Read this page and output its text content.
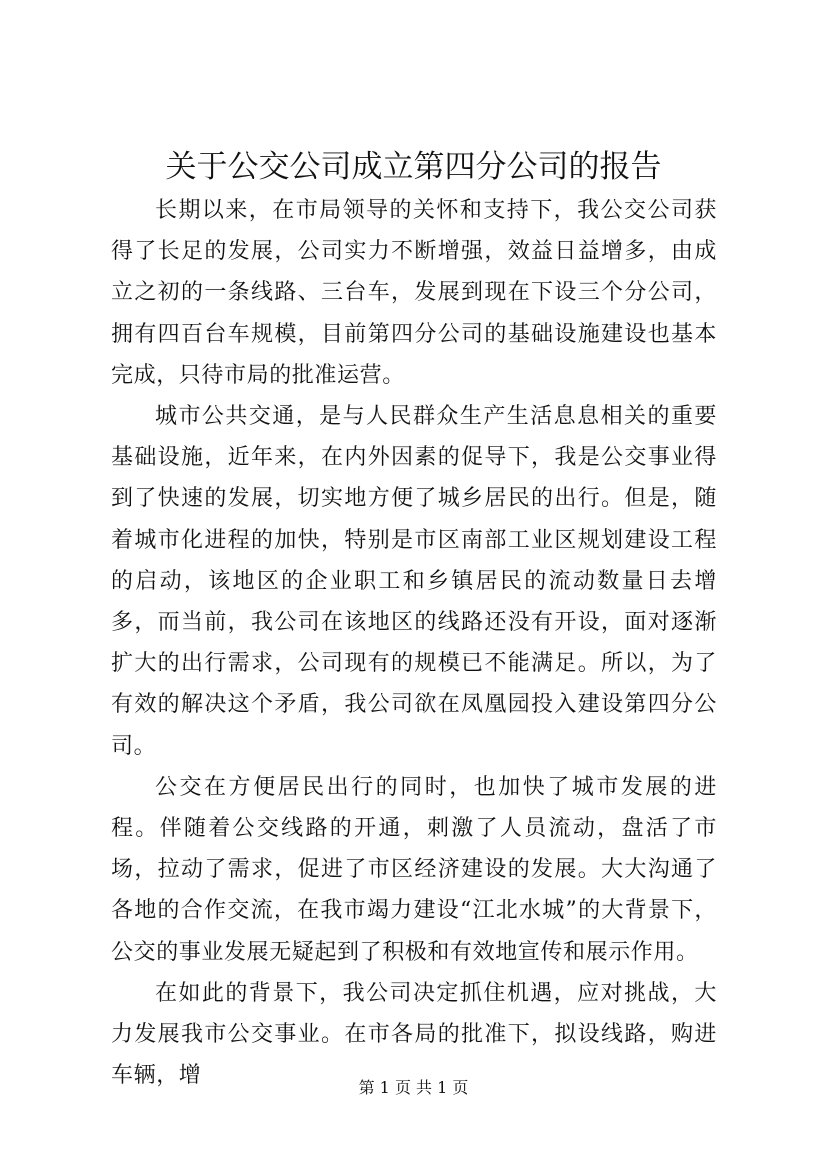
关于公交公司成立第四分公司的报告

长期以来，在市局领导的关怀和支持下，我公交公司获得了长足的发展，公司实力不断增强，效益日益增多，由成立之初的一条线路、三台车，发展到现在下设三个分公司，拥有四百台车规模，目前第四分公司的基础设施建设也基本完成，只待市局的批准运营。

城市公共交通，是与人民群众生产生活息息相关的重要基础设施，近年来，在内外因素的促导下，我是公交事业得到了快速的发展，切实地方便了城乡居民的出行。但是，随着城市化进程的加快，特别是市区南部工业区规划建设工程的启动，该地区的企业职工和乡镇居民的流动数量日去增多，而当前，我公司在该地区的线路还没有开设，面对逐渐扩大的出行需求，公司现有的规模已不能满足。所以，为了有效的解决这个矛盾，我公司欲在凤凰园投入建设第四分公司。

公交在方便居民出行的同时，也加快了城市发展的进程。伴随着公交线路的开通，刺激了人员流动，盘活了市场，拉动了需求，促进了市区经济建设的发展。大大沟通了各地的合作交流，在我市竭力建设“江北水城”的大背景下，公交的事业发展无疑起到了积极和有效地宣传和展示作用。

在如此的背景下，我公司决定抓住机遇，应对挑战，大力发展我市公交事业。在市各局的批准下，拟设线路，购进车辆，增	第 1 页 共 1 页
